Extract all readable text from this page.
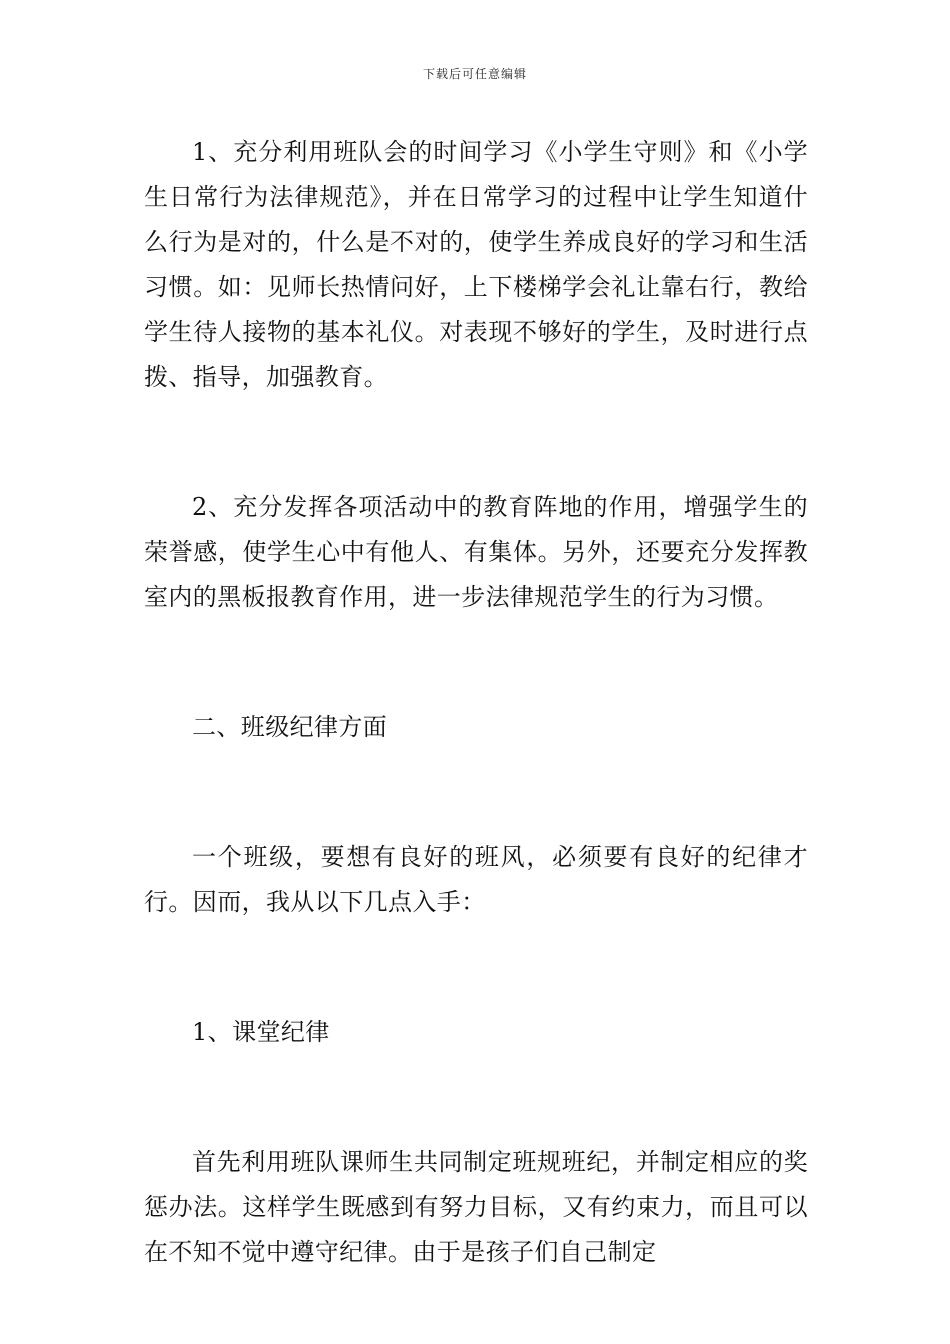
下载后可任意编辑

1、充分利用班队会的时间学习《小学生守则》和《小学生日常行为法律规范》，并在日常学习的过程中让学生知道什么行为是对的，什么是不对的，使学生养成良好的学习和生活习惯。如：见师长热情问好，上下楼梯学会礼让靠右行，教给学生待人接物的基本礼仪。对表现不够好的学生，及时进行点拨、指导，加强教育。

2、充分发挥各项活动中的教育阵地的作用，增强学生的荣誉感，使学生心中有他人、有集体。另外，还要充分发挥教室内的黑板报教育作用，进一步法律规范学生的行为习惯。

二、班级纪律方面

一个班级，要想有良好的班风，必须要有良好的纪律才行。因而，我从以下几点入手：

1、课堂纪律

首先利用班队课师生共同制定班规班纪，并制定相应的奖惩办法。这样学生既感到有努力目标，又有约束力，而且可以在不知不觉中遵守纪律。由于是孩子们自己制定
